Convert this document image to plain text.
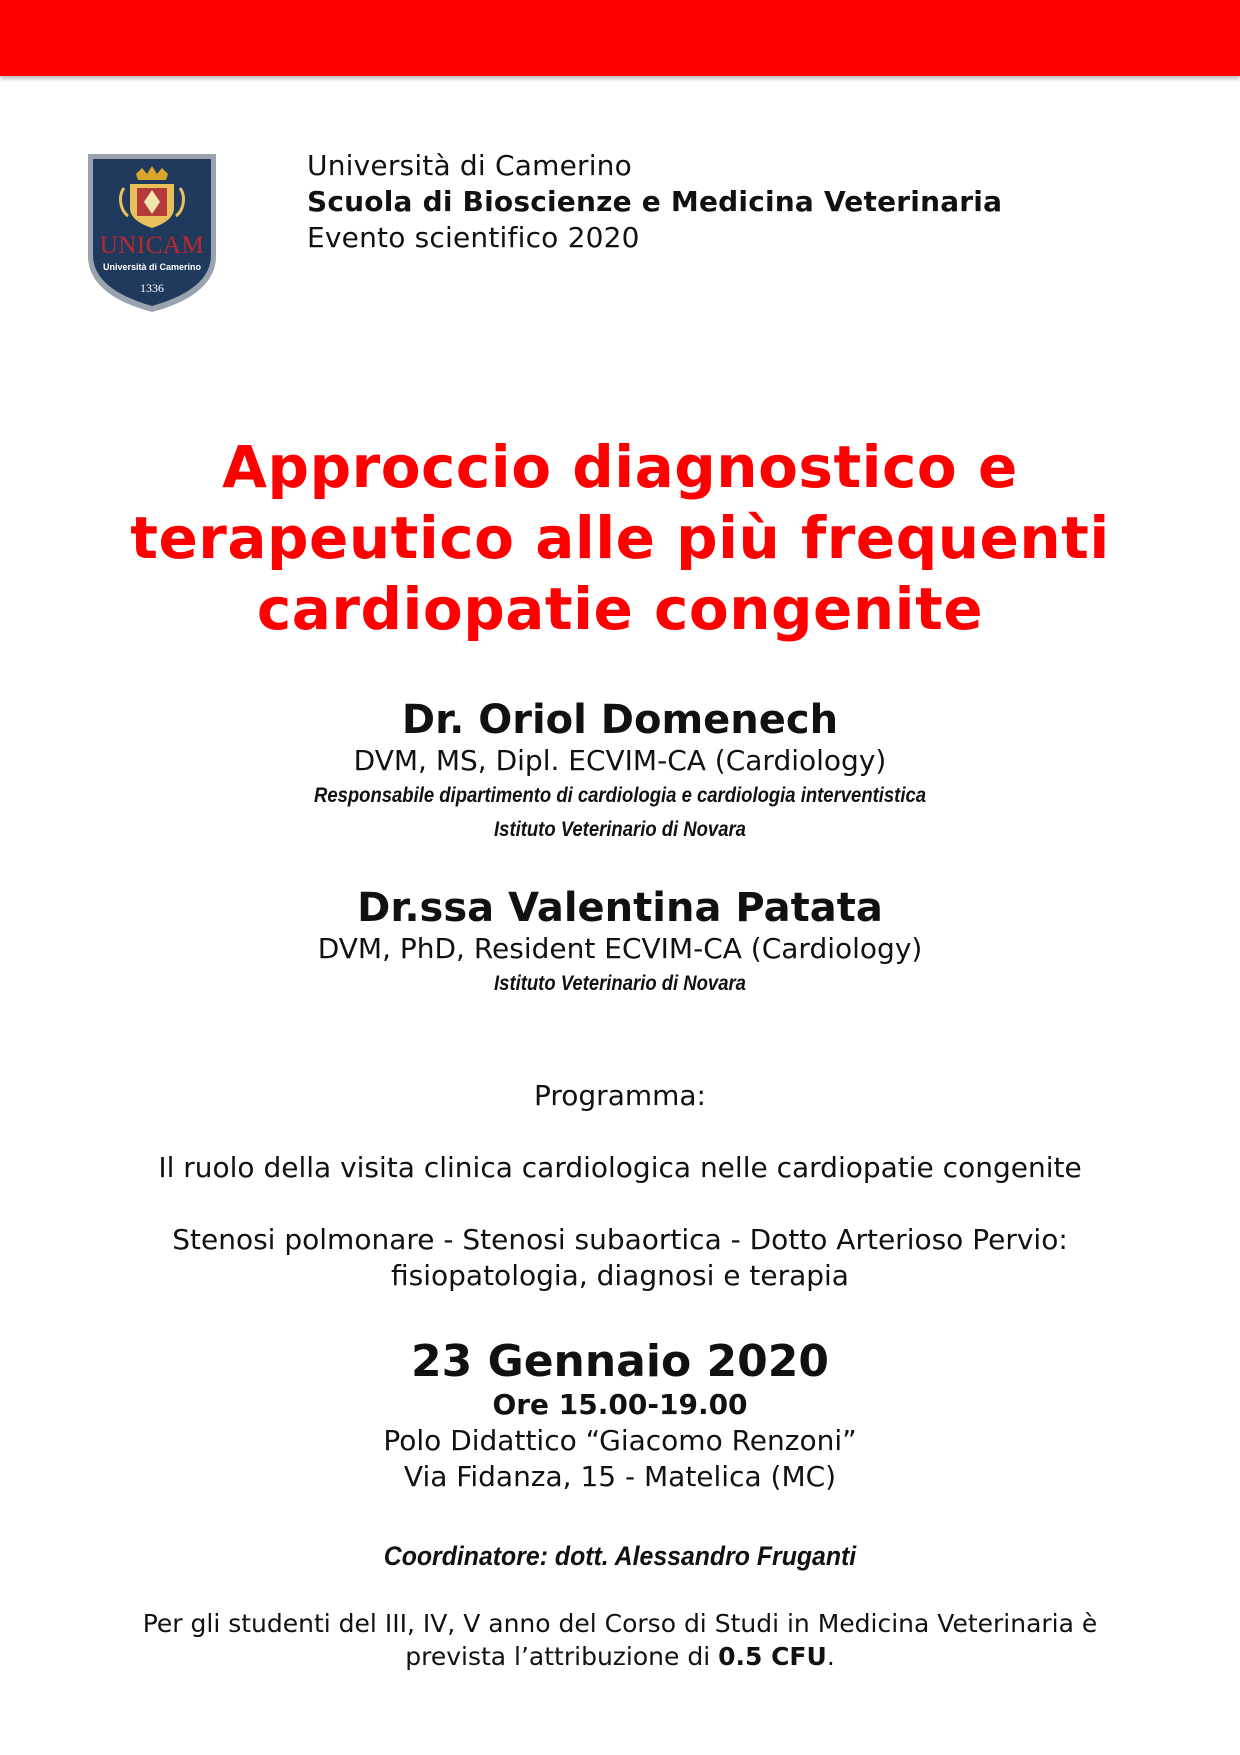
UNICAM
Università di Camerino
1336
Università di Camerino
Scuola di Bioscienze e Medicina Veterinaria
Evento scientifico 2020
Approccio diagnostico e
terapeutico alle più frequenti
cardiopatie congenite
Dr. Oriol Domenech
DVM, MS, Dipl. ECVIM-CA (Cardiology)
Responsabile dipartimento di cardiologia e cardiologia interventistica
Istituto Veterinario di Novara
Dr.ssa Valentina Patata
DVM, PhD, Resident ECVIM-CA (Cardiology)
Istituto Veterinario di Novara
Programma:
Il ruolo della visita clinica cardiologica nelle cardiopatie congenite
Stenosi polmonare - Stenosi subaortica - Dotto Arterioso Pervio:
fisiopatologia, diagnosi e terapia
23 Gennaio 2020
Ore 15.00-19.00
Polo Didattico “Giacomo Renzoni”
Via Fidanza, 15 - Matelica (MC)
Coordinatore: dott. Alessandro Fruganti
Per gli studenti del III, IV, V anno del Corso di Studi in Medicina Veterinaria è
prevista l’attribuzione di 0.5 CFU.
